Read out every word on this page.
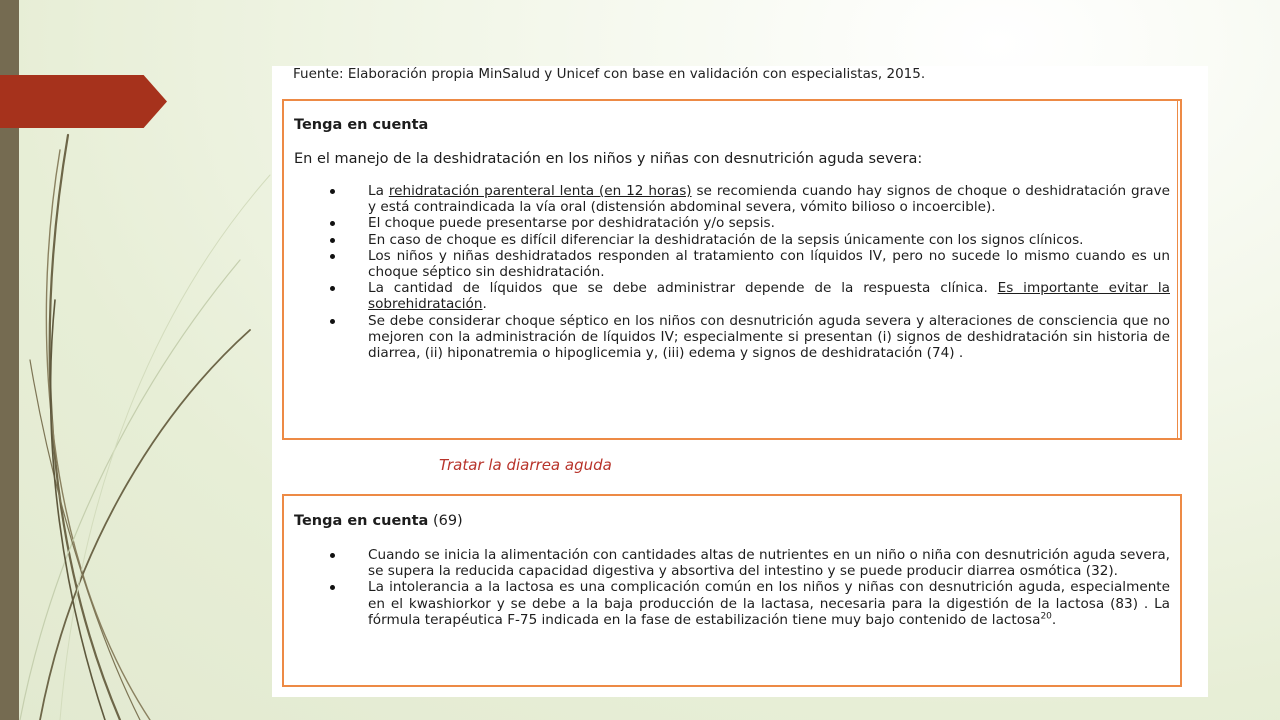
Fuente: Elaboración propia MinSalud y Unicef con base en validación con especialistas, 2015.
Tenga en cuenta
En el manejo de la deshidratación en los niños y niñas con desnutrición aguda severa:
La rehidratación parenteral lenta (en 12 horas) se recomienda cuando hay signos de choque o deshidratación grave y está contraindicada la vía oral (distensión abdominal severa, vómito bilioso o incoercible).
El choque puede presentarse por deshidratación y/o sepsis.
En caso de choque es difícil diferenciar la deshidratación de la sepsis únicamente con los signos clínicos.
Los niños y niñas deshidratados responden al tratamiento con líquidos IV, pero no sucede lo mismo cuando es un choque séptico sin deshidratación.
La cantidad de líquidos que se debe administrar depende de la respuesta clínica. Es importante evitar la sobrehidratación.
Se debe considerar choque séptico en los niños con desnutrición aguda severa y alteraciones de consciencia que no mejoren con la administración de líquidos IV; especialmente si presentan (i) signos de deshidratación sin historia de diarrea, (ii) hiponatremia o hipoglicemia y, (iii) edema y signos de deshidratación (74) .
Tratar la diarrea aguda
Tenga en cuenta (69)
Cuando se inicia la alimentación con cantidades altas de nutrientes en un niño o niña con desnutrición aguda severa, se supera la reducida capacidad digestiva y absortiva del intestino y se puede producir diarrea osmótica (32).
La intolerancia a la lactosa es una complicación común en los niños y niñas con desnutrición aguda, especialmente en el kwashiorkor y se debe a la baja producción de la lactasa, necesaria para la digestión de la lactosa (83) . La fórmula terapéutica F-75 indicada en la fase de estabilización tiene muy bajo contenido de lactosa$^{20}$.
